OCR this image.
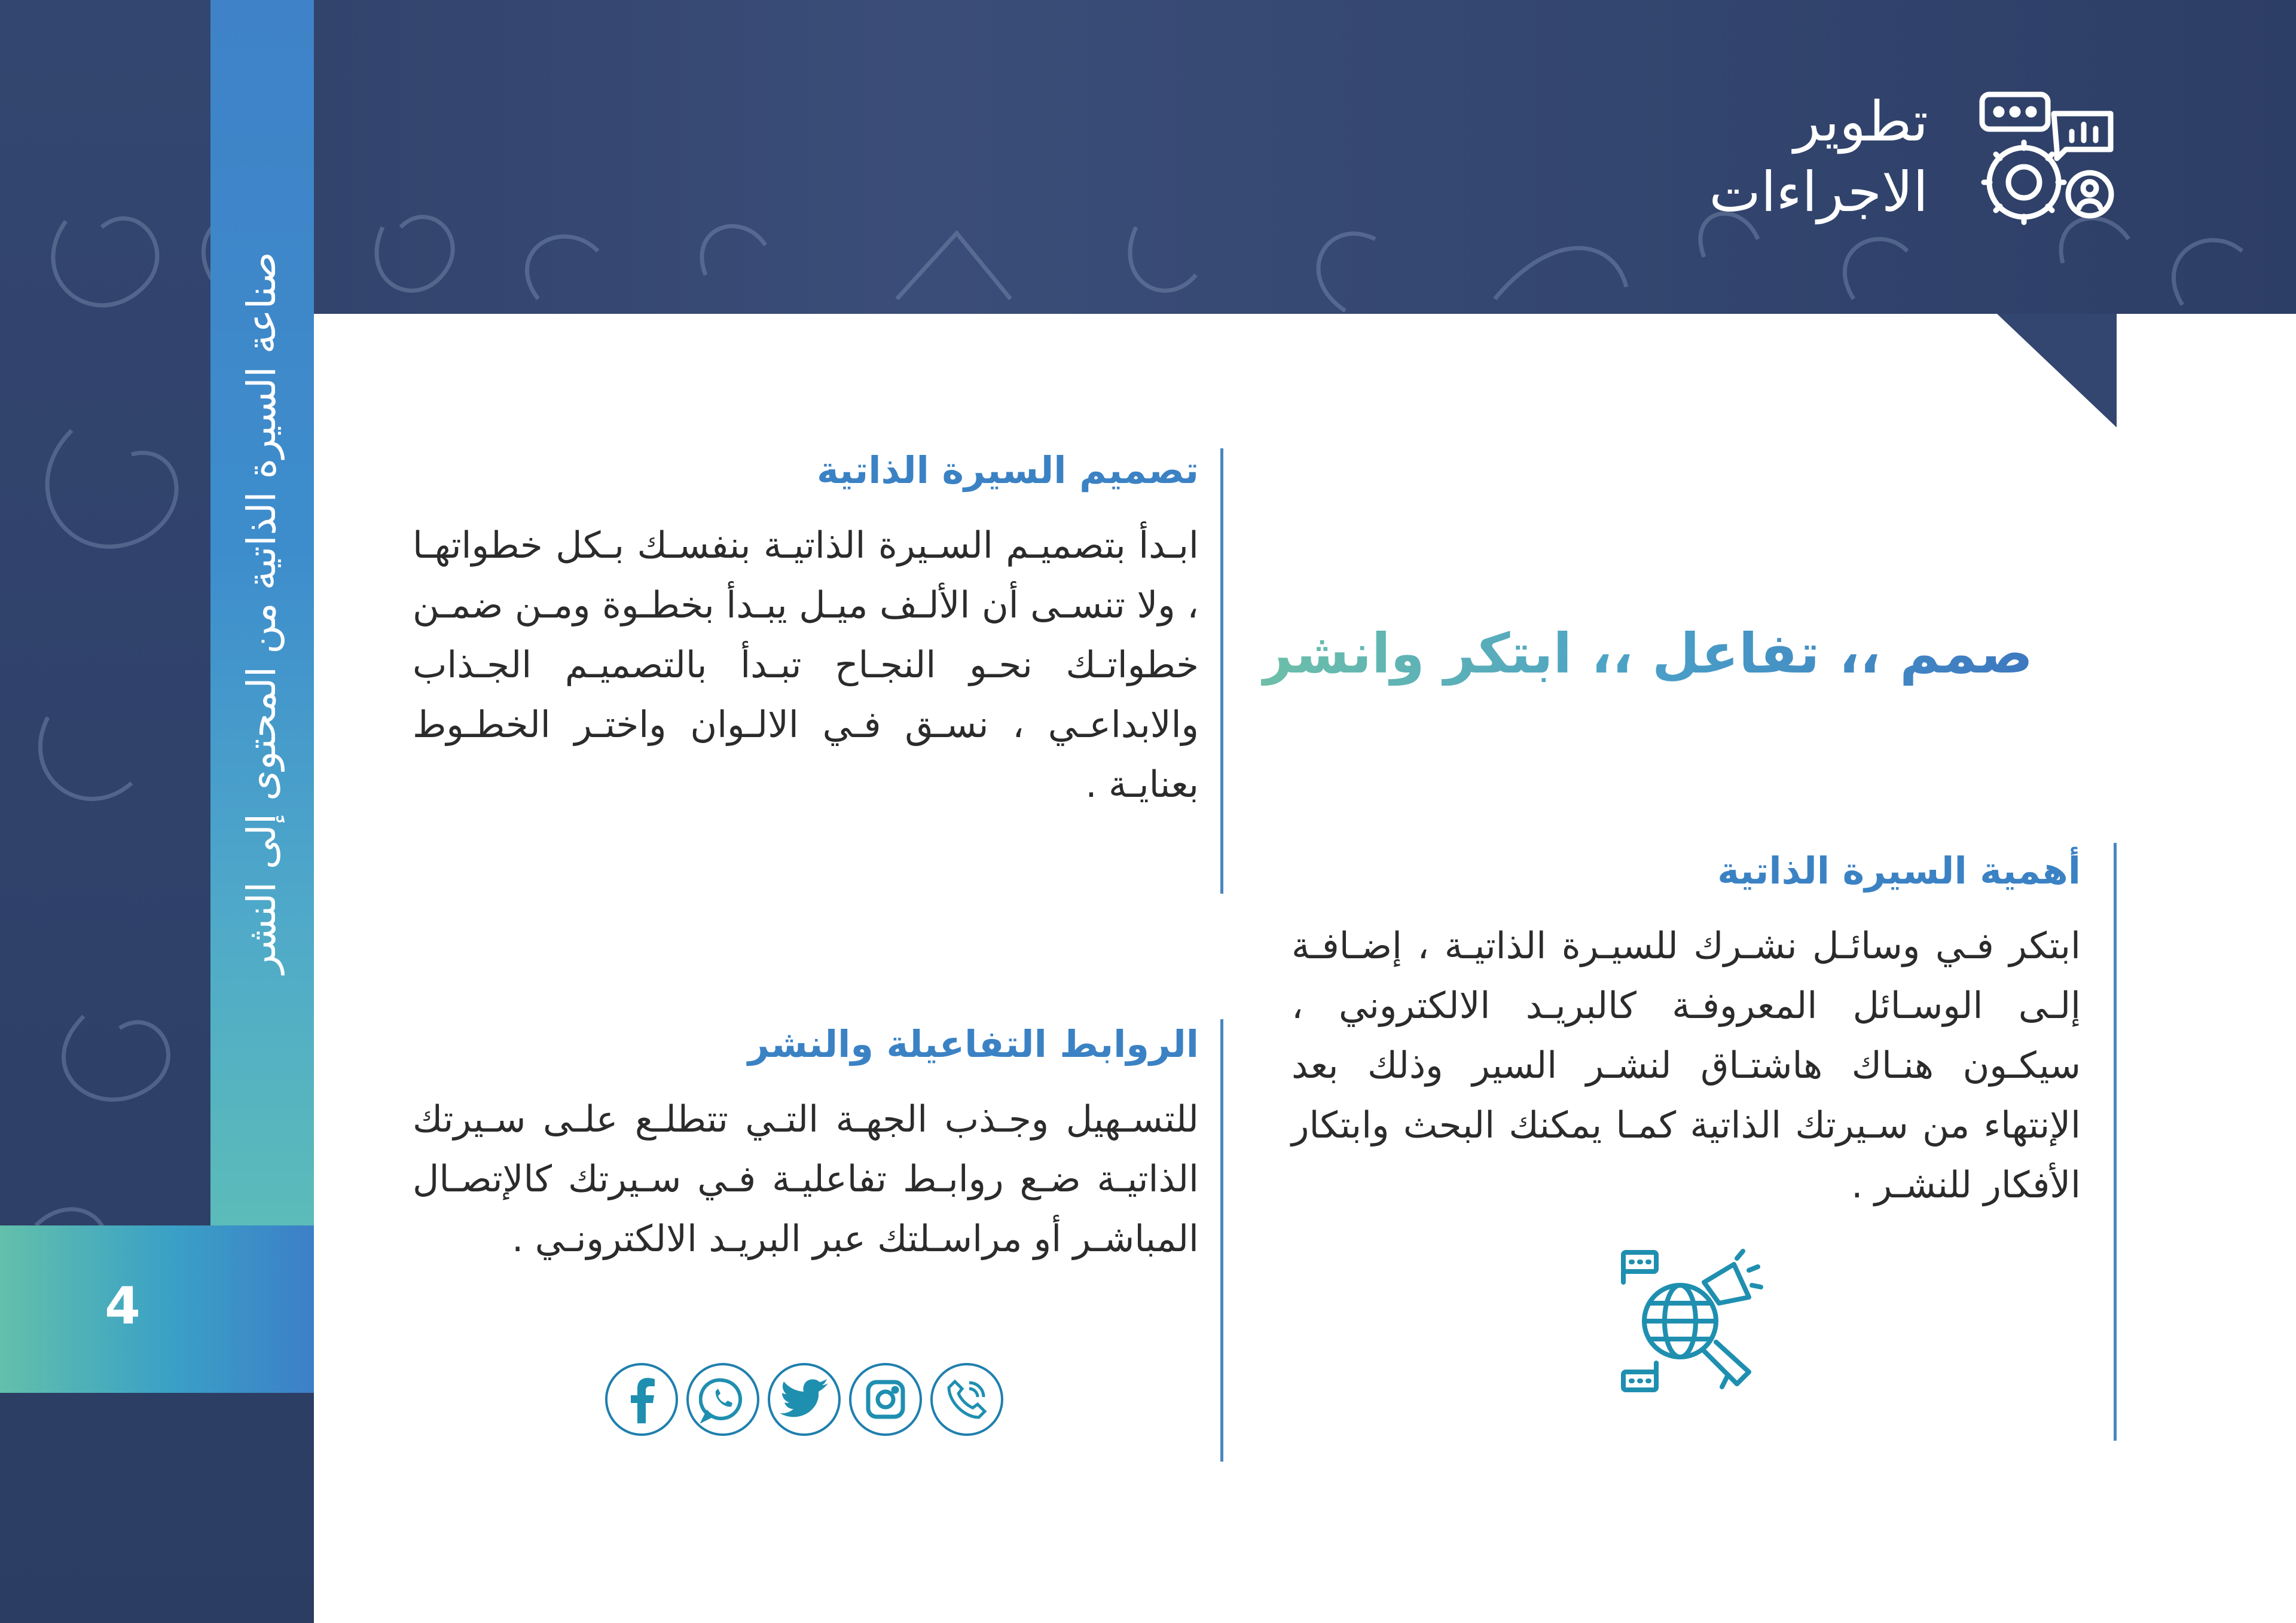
صناعة السيرة الذاتية من المحتوى إلى النشر
4
تطوير
الاجراءات
تصميم السيرة الذاتية

ابـدأ بتصميـم السـيرة الذاتيـة بنفسـك بـكل خطواتهـا ، ولا تنسـى أن الألـف ميـل يبـدأ بخطـوة ومـن ضمـن خطواتـك نحـو النجـاح تبـدأ بالتصميـم الجـذاب والابداعـي ، نسـق فـي الالـوان واختـر الخطـوط بعنايـة .

صمم ،، تفاعل ،، ابتكر وانشر
أهمية السيرة الذاتية

ابتكر فـي وسائـل نشـرك للسيـرة الذاتيـة ، إضـافـة إلـى الوسـائل المعروفـة كالبريـد الالكتروني ، سيكـون هنـاك هاشتـاق لنشـر السير وذلك بعد الإنتهاء من سـيرتك الذاتية كمـا يمكنك البحث وابتكار الأفكار للنشـر .

الروابط التفاعيلة والنشر

للتسـهيل وجـذب الجهـة التـي تتطلـع علـى سـيرتك الذاتيـة ضـع روابـط تفاعليـة فـي سـيرتك كالإتصـال المباشـر أو مراسـلتك عبر البريـد الالكترونـي .
